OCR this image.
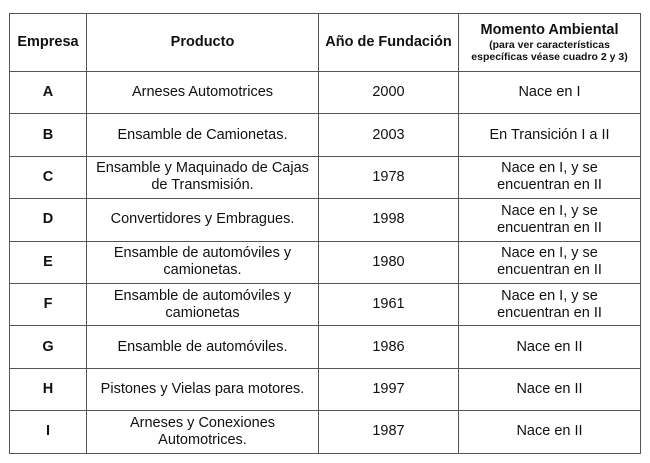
Empresa	Producto	Año de Fundación	Momento Ambiental
(para ver características específicas véase cuadro 2 y 3)

A	Arneses Automotrices	2000	Nace en I
B	Ensamble de Camionetas.	2003	En Transición I a II
C	Ensamble y Maquinado de Cajas de Transmisión.	1978	Nace en I, y se encuentran en II
D	Convertidores y Embragues.	1998	Nace en I, y se encuentran en II
E	Ensamble de automóviles y camionetas.	1980	Nace en I, y se encuentran en II
F	Ensamble de automóviles y camionetas	1961	Nace en I, y se encuentran en II
G	Ensamble de automóviles.	1986	Nace en II
H	Pistones y Vielas para motores.	1997	Nace en II
I	Arneses y Conexiones Automotrices.	1987	Nace en II
